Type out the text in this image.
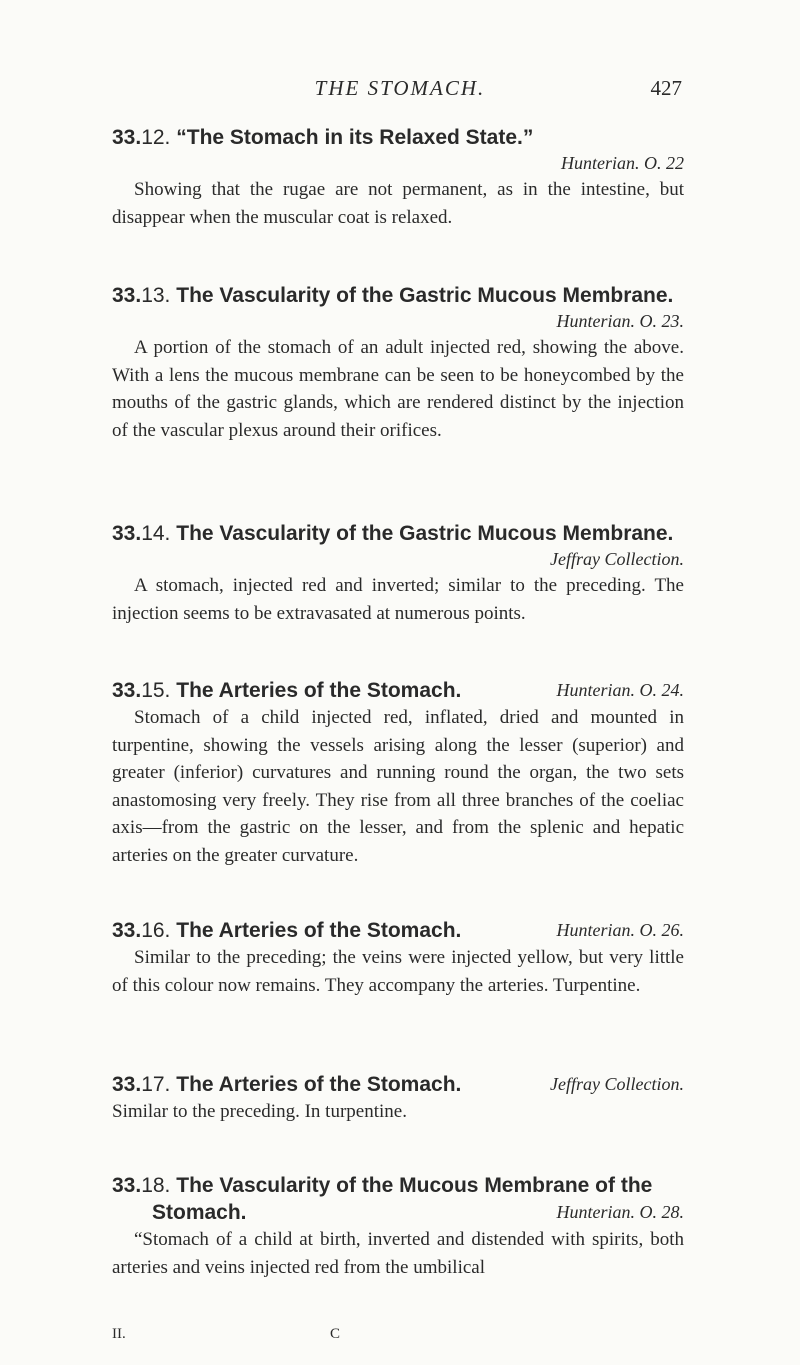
THE STOMACH.	427
33.12. “The Stomach in its Relaxed State.”
Hunterian. O. 22
Showing that the rugae are not permanent, as in the intestine, but disappear when the muscular coat is relaxed.
33.13. The Vascularity of the Gastric Mucous Membrane.
Hunterian. O. 23.
A portion of the stomach of an adult injected red, showing the above. With a lens the mucous membrane can be seen to be honeycombed by the mouths of the gastric glands, which are rendered distinct by the injection of the vascular plexus around their orifices.
33.14. The Vascularity of the Gastric Mucous Membrane.
Jeffray Collection.
A stomach, injected red and inverted; similar to the preceding. The injection seems to be extravasated at numerous points.
Hunterian. O. 24.
33.15. The Arteries of the Stomach.
Stomach of a child injected red, inflated, dried and mounted in turpentine, showing the vessels arising along the lesser (superior) and greater (inferior) curvatures and running round the organ, the two sets anastomosing very freely. They rise from all three branches of the coeliac axis—from the gastric on the lesser, and from the splenic and hepatic arteries on the greater curvature.
Hunterian. O. 26.
33.16. The Arteries of the Stomach.
Similar to the preceding; the veins were injected yellow, but very little of this colour now remains. They accompany the arteries. Turpentine.
Jeffray Collection.
33.17. The Arteries of the Stomach.
Similar to the preceding. In turpentine.
33.18. The Vascularity of the Mucous Membrane of the
Hunterian. O. 28.
Stomach.
“Stomach of a child at birth, inverted and distended with spirits, both arteries and veins injected red from the umbilical
II.	C
